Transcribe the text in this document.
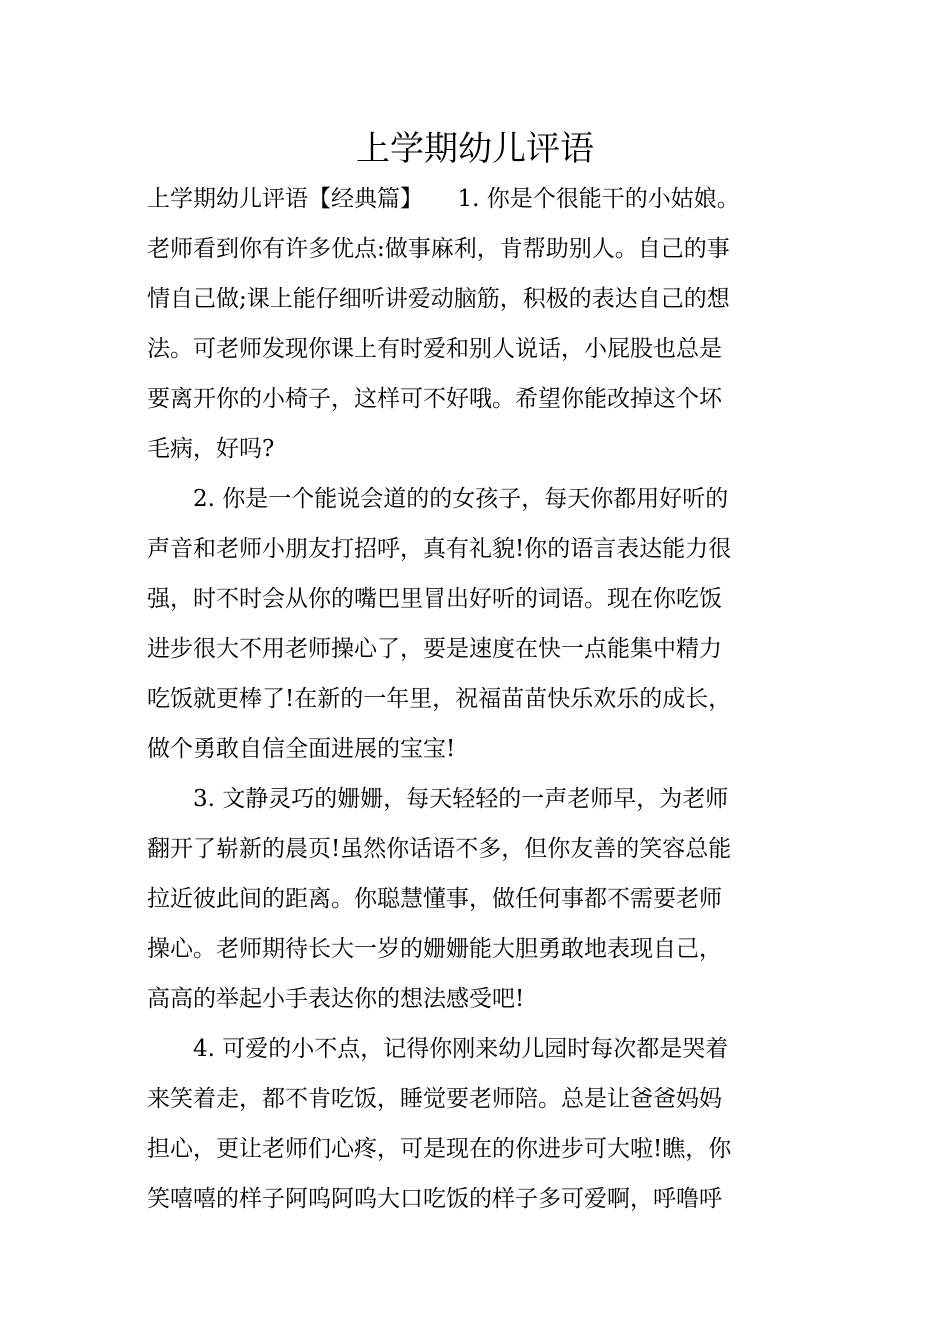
上学期幼儿评语
上学期幼儿评语【经典篇】　　1. 你是个很能干的小姑娘。
老师看到你有许多优点:做事麻利，肯帮助别人。自己的事
情自己做;课上能仔细听讲爱动脑筋，积极的表达自己的想
法。可老师发现你课上有时爱和别人说话，小屁股也总是
要离开你的小椅子，这样可不好哦。希望你能改掉这个坏
毛病，好吗?
2. 你是一个能说会道的的女孩子，每天你都用好听的
声音和老师小朋友打招呼，真有礼貌!你的语言表达能力很
强，时不时会从你的嘴巴里冒出好听的词语。现在你吃饭
进步很大不用老师操心了，要是速度在快一点能集中精力
吃饭就更棒了!在新的一年里，祝福苗苗快乐欢乐的成长，
做个勇敢自信全面进展的宝宝!
3. 文静灵巧的姗姗，每天轻轻的一声老师早，为老师
翻开了崭新的晨页!虽然你话语不多，但你友善的笑容总能
拉近彼此间的距离。你聪慧懂事，做任何事都不需要老师
操心。老师期待长大一岁的姗姗能大胆勇敢地表现自己，
高高的举起小手表达你的想法感受吧!
4. 可爱的小不点，记得你刚来幼儿园时每次都是哭着
来笑着走，都不肯吃饭，睡觉要老师陪。总是让爸爸妈妈
担心，更让老师们心疼，可是现在的你进步可大啦!瞧，你
笑嘻嘻的样子阿呜阿呜大口吃饭的样子多可爱啊，呼噜呼
